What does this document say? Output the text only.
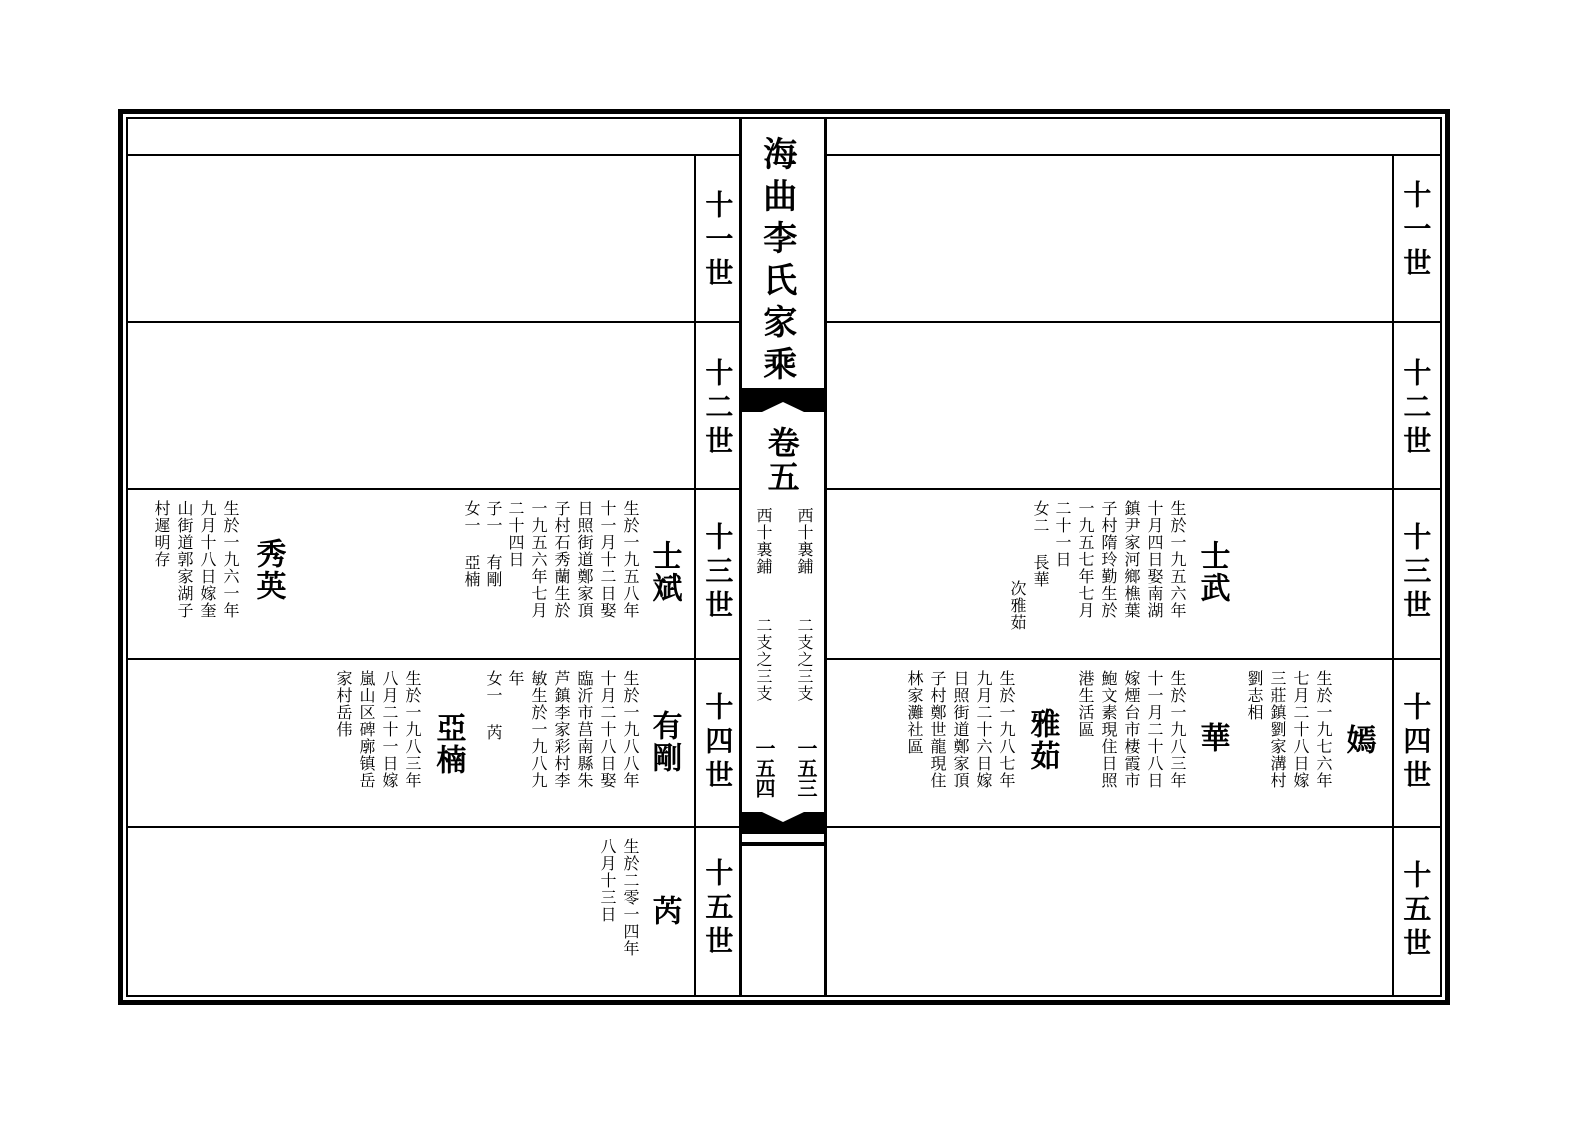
海曲李氏家乘
卷五
西十裏鋪
二支之三支
一五三
西十裏鋪
二支之三支
一五四
十一世
十二世
十三世
十四世
十五世
十一世
十二世
十三世
十四世
十五世
士斌
生於一九五八年
十一月十二日娶
日照街道鄭家頂
子村石秀蘭生於
一九五六年七月
二十四日
子一 有剛
女一 亞楠
秀英
生於一九六一年
九月十八日嫁奎
山街道郭家湖子
村遲明存
有剛
生於一九八八年
十月二十八日娶
臨沂市莒南縣朱
芦鎮李家彩村李
敏生於一九八九
年
女一 芮
亞楠
生於一九八三年
八月二十一日嫁
嵐山区碑廓镇岳
家村岳伟
芮
生於二零一四年
八月十三日
士武
生於一九五六年
十月四日娶南湖
鎮尹家河鄉樵葉
子村隋玲勤生於
一九五七年七月
二十一日
女二 長華
次雅茹
嫣
生於一九七六年
七月二十八日嫁
三莊鎮劉家溝村
劉志相
華
生於一九八三年
十一月二十八日
嫁煙台市棲霞市
鮑文素現住日照
港生活區
雅茹
生於一九八七年
九月二十六日嫁
日照街道鄭家頂
子村鄭世龍現住
林家灘社區
